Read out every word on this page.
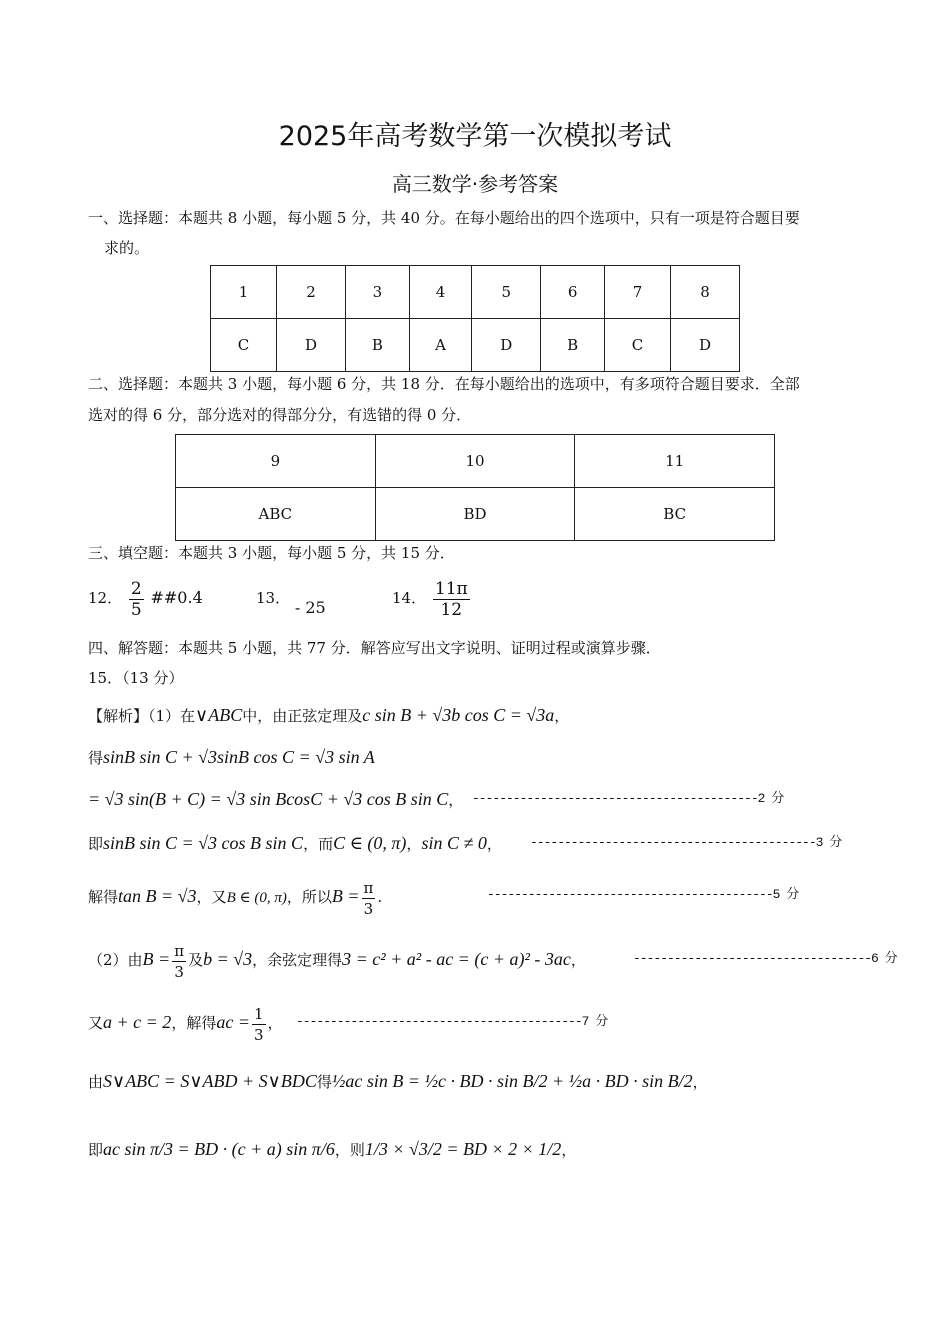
2025年高考数学第一次模拟考试
高三数学·参考答案
一、选择题：本题共 8 小题，每小题 5 分，共 40 分。在每小题给出的四个选项中，只有一项是符合题目要
求的。
1	2	3	4	5	6	7	8
C	D	B	A	D	B	C	D
二、选择题：本题共 3 小题，每小题 6 分，共 18 分．在每小题给出的选项中，有多项符合题目要求．全部
选对的得 6 分，部分选对的得部分分，有选错的得 0 分．
9	10	11
ABC	BD	BC
三、填空题：本题共 3 小题，每小题 5 分，共 15 分．
12． $\frac{2}{5}$ ##0.4	13． - 25	14． $\frac{11\pi}{12}$
四、解答题：本题共 5 小题，共 77 分．解答应写出文字说明、证明过程或演算步骤．
15．（13 分）
【解析】（1）在∨ABC中，由正弦定理及c sin B + √3b cos C = √3a，
得sinB sin C + √3sinB cos C = √3 sin A
= √3 sin(B + C) = √3 sin BcosC + √3 cos B sin C， ------------------------------------------2 分
即sinB sin C = √3 cos B sin C，而C ∈ (0, π)，sin C ≠ 0， ------------------------------------------3 分
解得tan B = √3，又B ∈ (0, π)，所以$B = \frac{\pi}{3}$ .	------------------------------------------5 分
（2）由$B = \frac{\pi}{3}$ 及b = √3，余弦定理得3 = c² + a² - ac = (c + a)² - 3ac，	-----------------------------------6 分
又a + c = 2，解得ac = $\frac{1}{3}$ ， ------------------------------------------7 分
由S∨ABC = S∨ABD + S∨BDC得½ac sin B = ½c · BD · sin B/2 + ½a · BD · sin B/2，
即ac sin π/3 = BD · (c + a) sin π/6，则1/3 × √3/2 = BD × 2 × 1/2，
